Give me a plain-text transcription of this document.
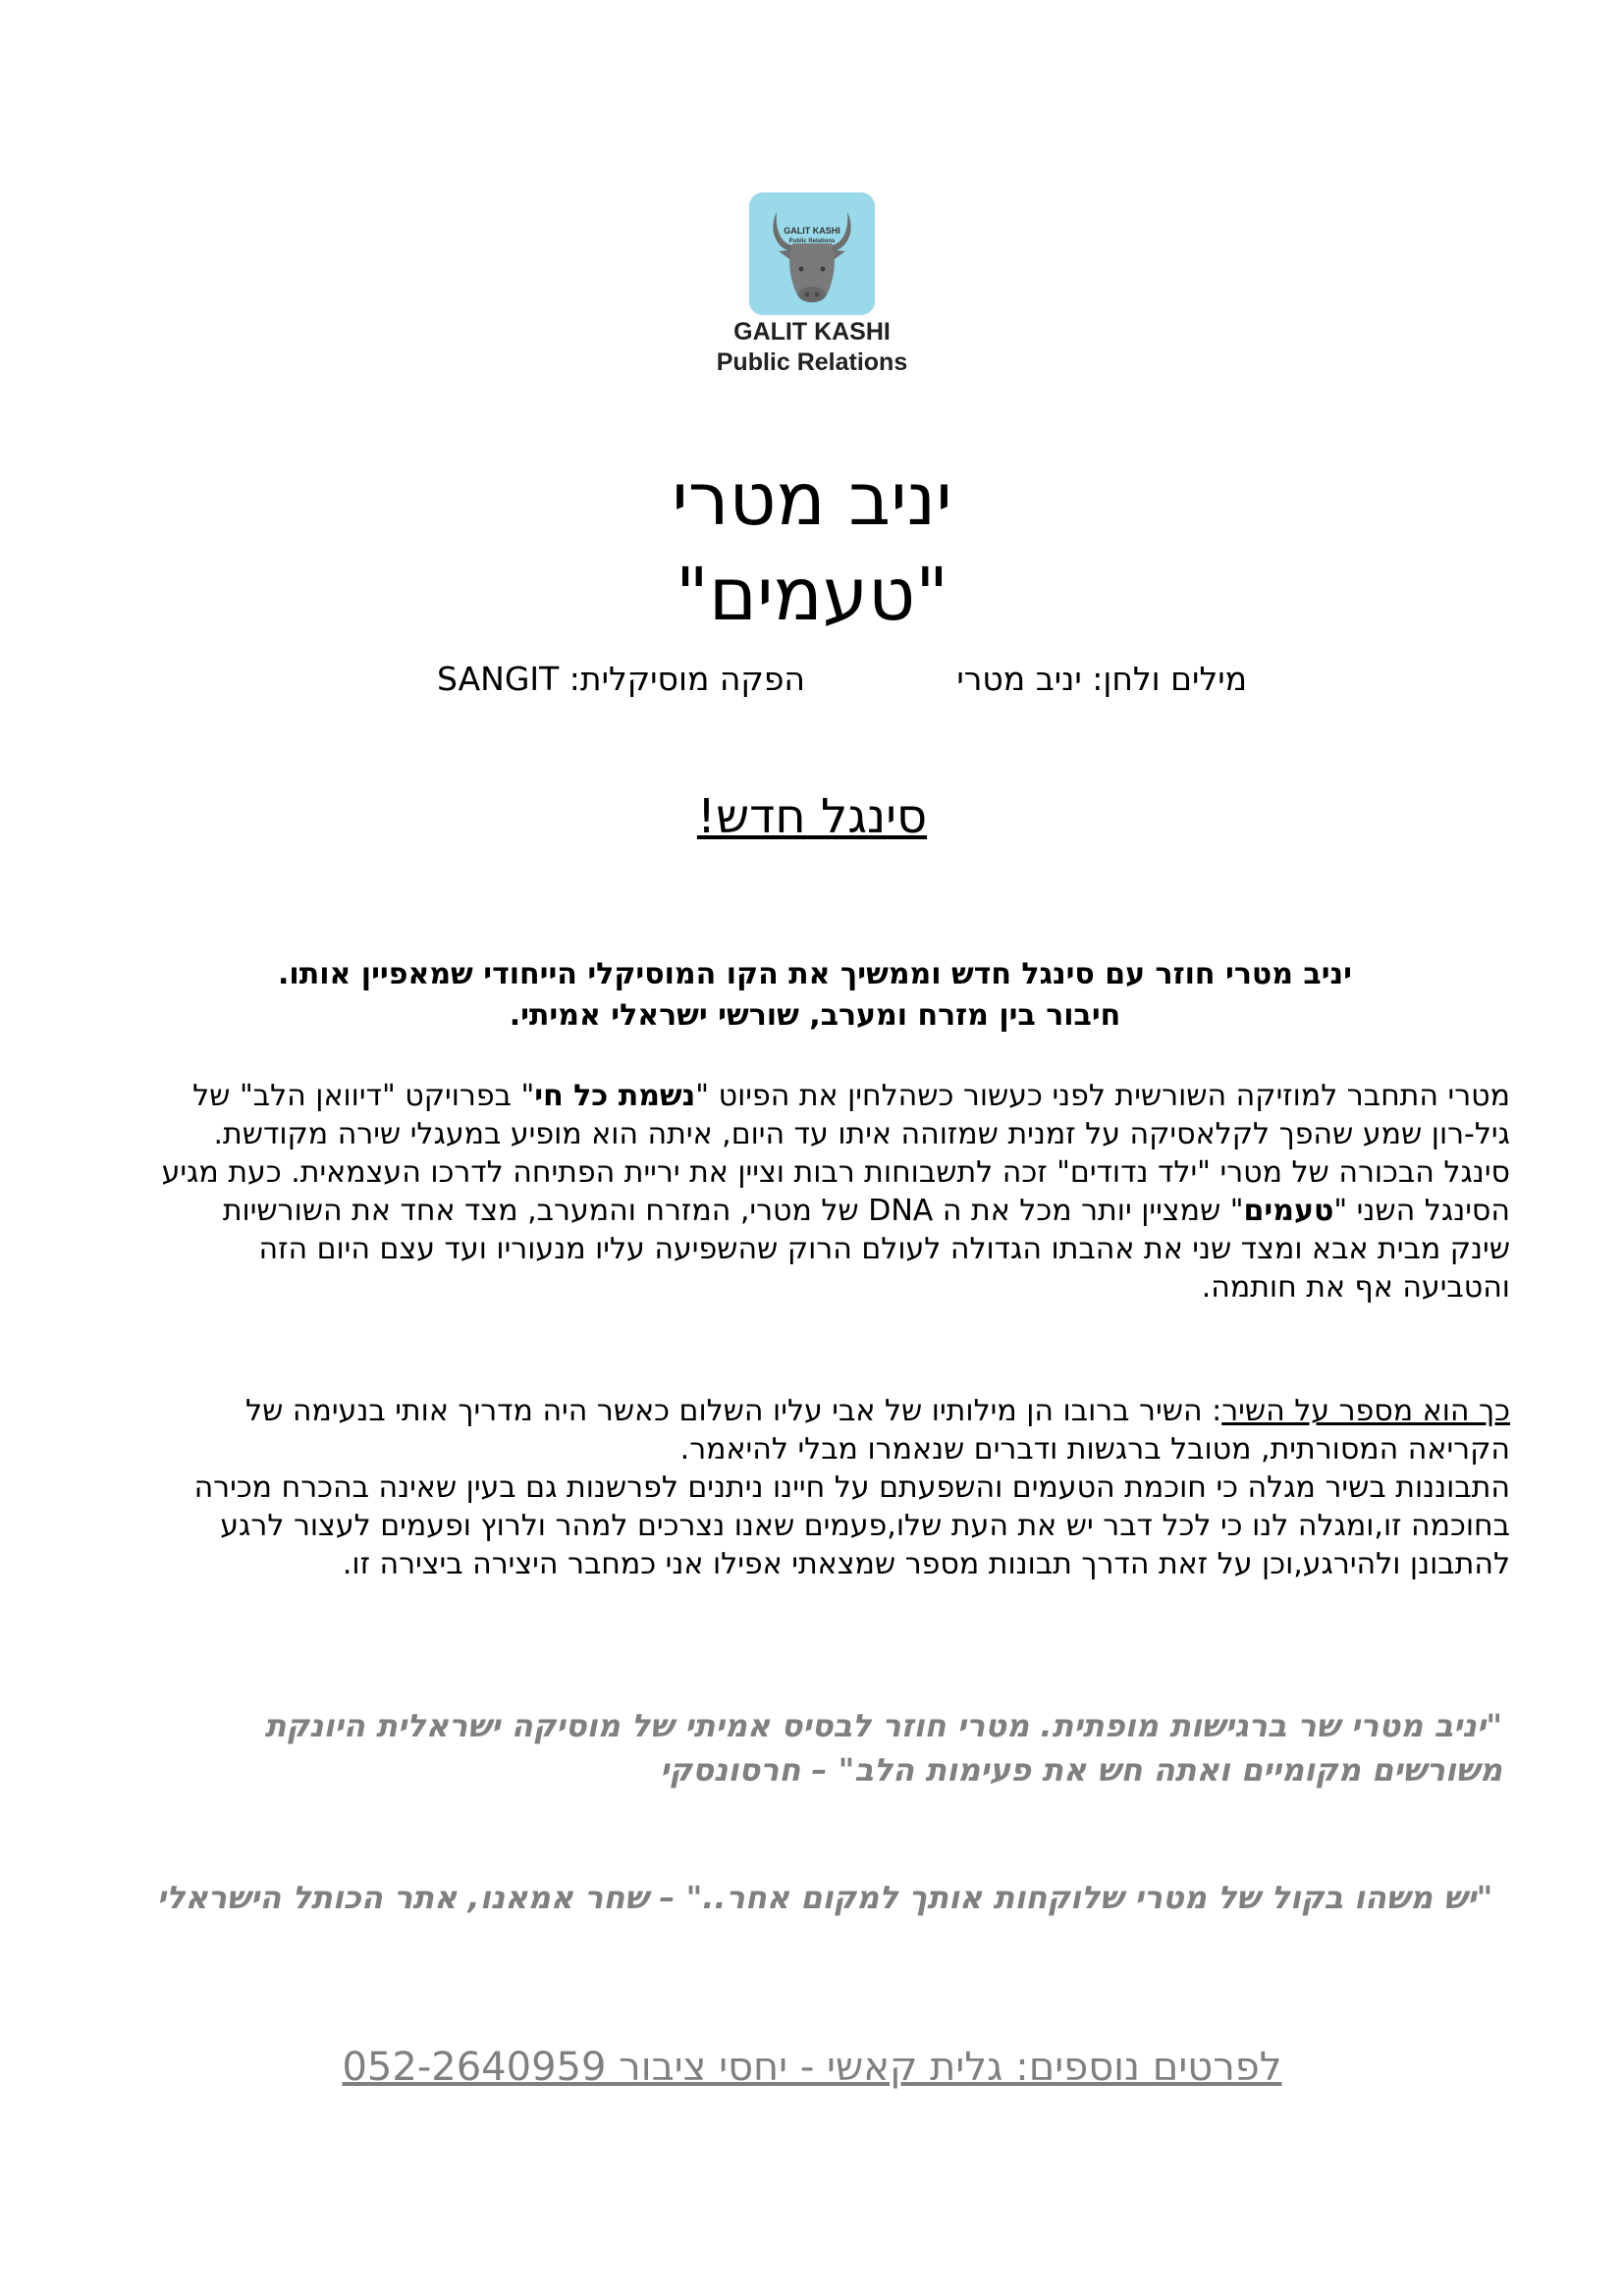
GALIT KASHI
Public Relations
GALIT KASHI
Public Relations
יניב מטרי
"טעמים"
מילים ולחן: יניב מטרי
הפקה מוסיקלית: SANGIT
סינגל חדש!
יניב מטרי חוזר עם סינגל חדש וממשיך את הקו המוסיקלי הייחודי שמאפיין אותו.
חיבור בין מזרח ומערב, שורשי ישראלי אמיתי.
מטרי התחבר למוזיקה השורשית לפני כעשור כשהלחין את הפיוט "נשמת כל חי" בפרויקט "דיוואן הלב" של גיל-רון שמע שהפך לקלאסיקה על זמנית שמזוהה איתו עד היום, איתה הוא מופיע במעגלי שירה מקודשת.
סינגל הבכורה של מטרי "ילד נדודים" זכה לתשבוחות רבות וציין את יריית הפתיחה לדרכו העצמאית. כעת מגיע הסינגל השני "טעמים" שמציין יותר מכל את ה DNA של מטרי, המזרח והמערב, מצד אחד את השורשיות שינק מבית אבא ומצד שני את אהבתו הגדולה לעולם הרוק שהשפיעה עליו מנעוריו ועד עצם היום הזה והטביעה אף את חותמה.
כך הוא מספר על השיר: השיר ברובו הן מילותיו של אבי עליו השלום כאשר היה מדריך אותי בנעימה של הקריאה המסורתית, מטובל ברגשות ודברים שנאמרו מבלי להיאמר.
התבוננות בשיר מגלה כי חוכמת הטעמים והשפעתם על חיינו ניתנים לפרשנות גם בעין שאינה בהכרח מכירה בחוכמה זו,ומגלה לנו כי לכל דבר יש את העת שלו,פעמים שאנו נצרכים למהר ולרוץ ופעמים לעצור לרגע להתבונן ולהירגע,וכן על זאת הדרך תבונות מספר שמצאתי אפילו אני כמחבר היצירה ביצירה זו.
"יניב מטרי שר ברגישות מופתית. מטרי חוזר לבסיס אמיתי של מוסיקה ישראלית היונקת משורשים מקומיים ואתה חש את פעימות הלב" – חרסונסקי
"יש משהו בקול של מטרי שלוקחות אותך למקום אחר.." – שחר אמאנו, אתר הכותל הישראלי
לפרטים נוספים: גלית קאשי - יחסי ציבור 052-2640959
